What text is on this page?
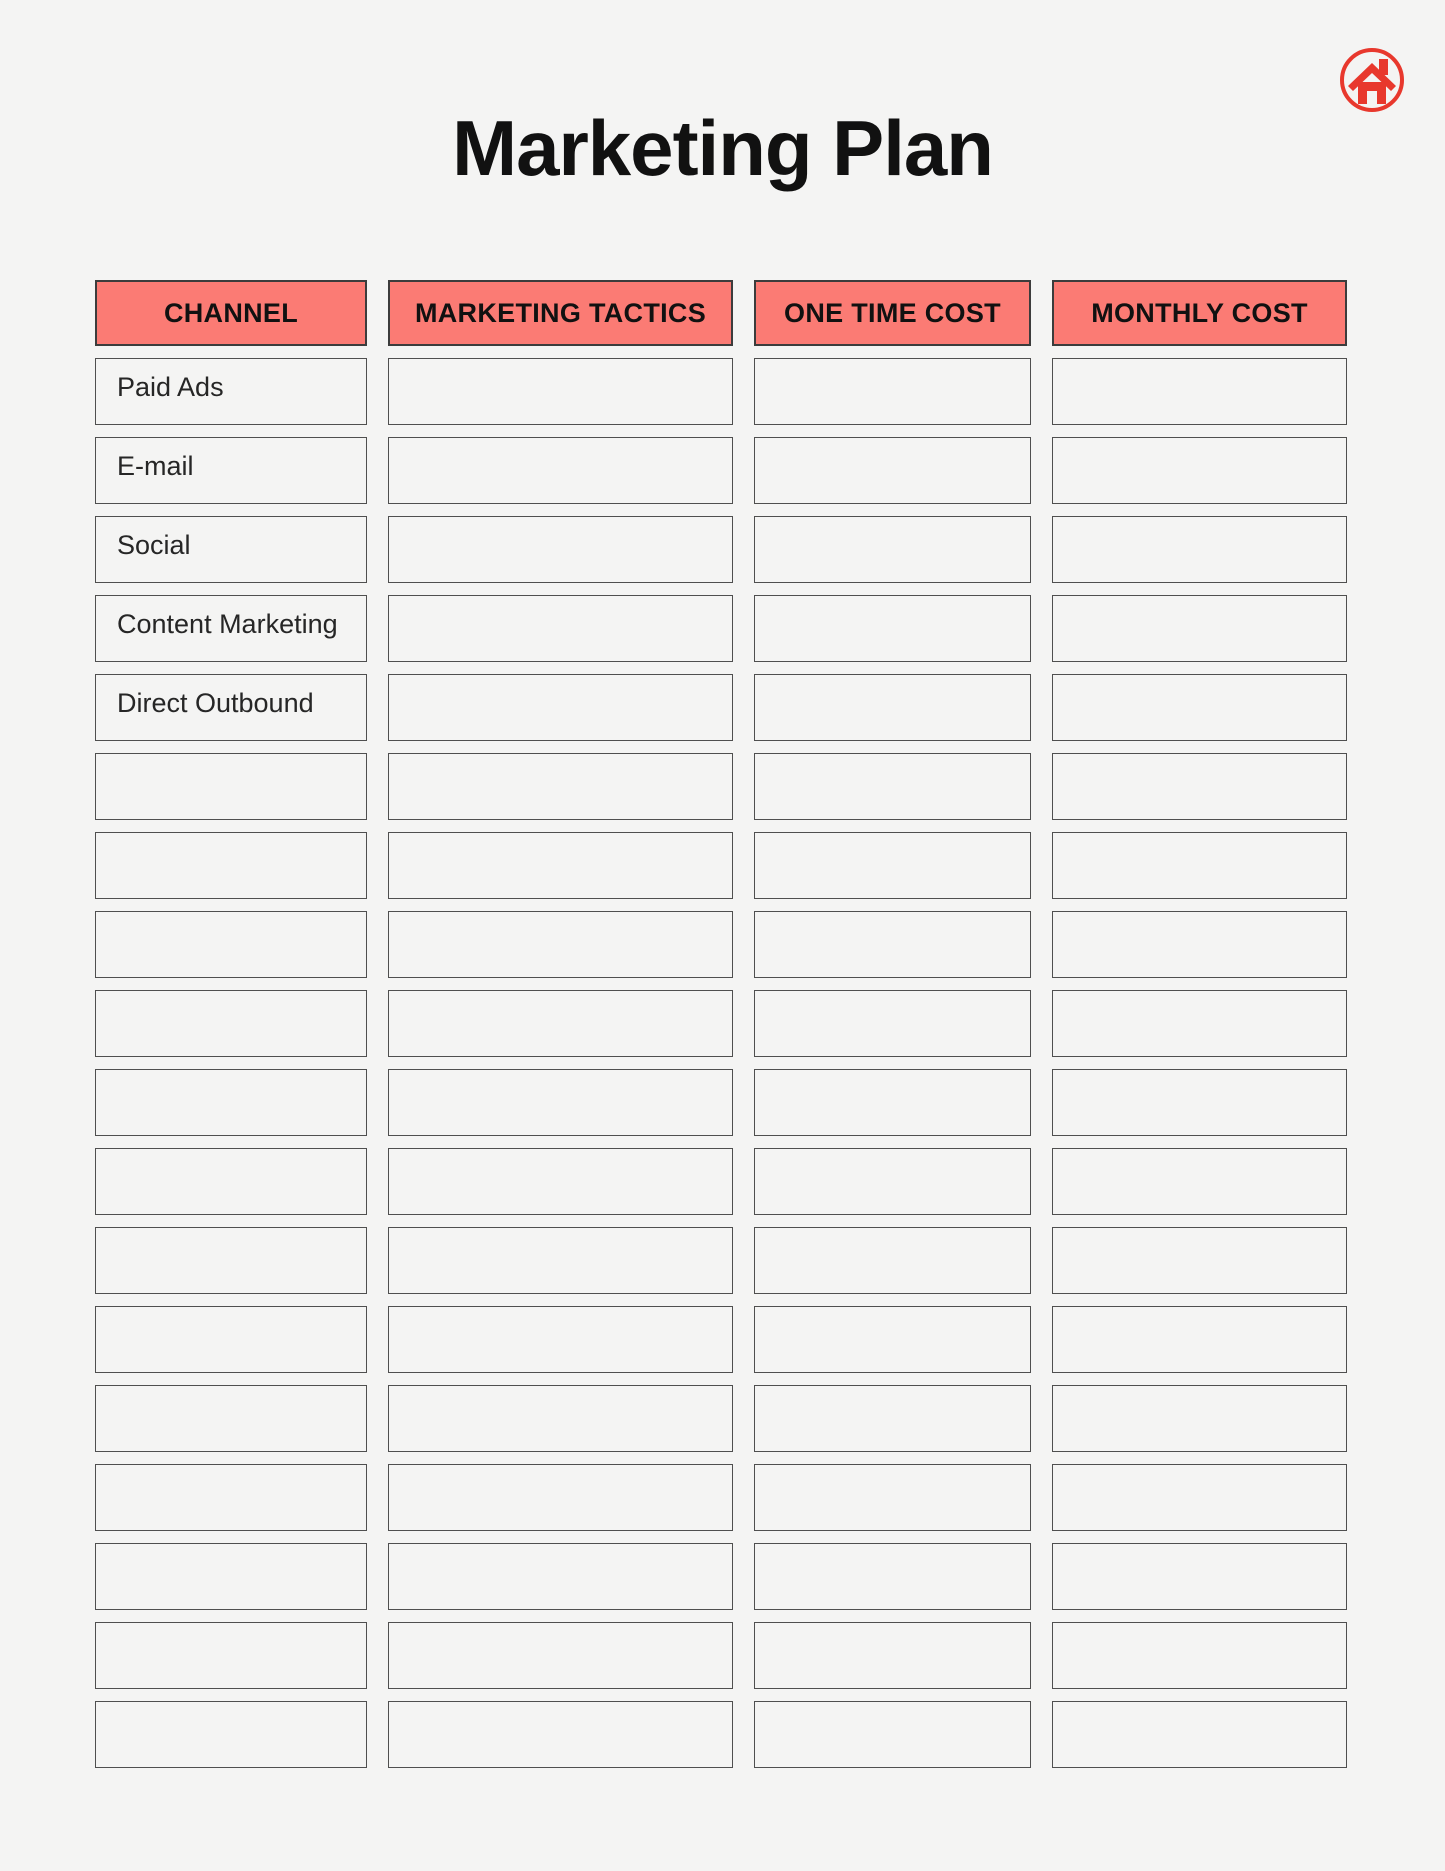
Marketing Plan
CHANNEL	MARKETING TACTICS	ONE TIME COST	MONTHLY COST
Paid Ads
E-mail
Social
Content Marketing
Direct Outbound
